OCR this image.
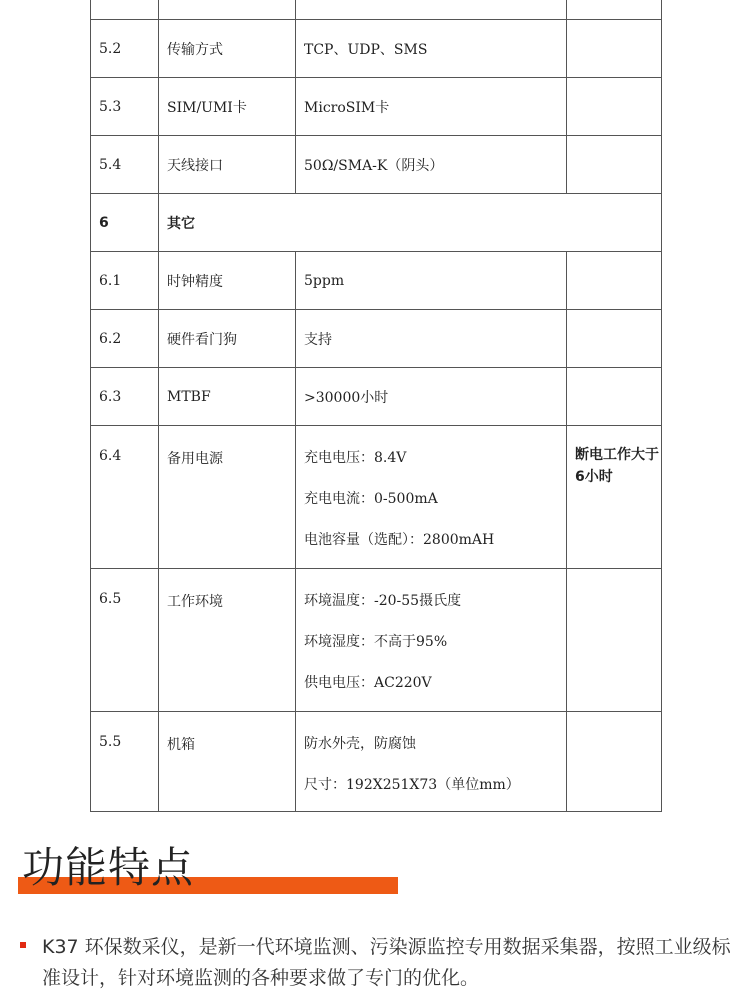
5.2	传输方式	TCP、UDP、SMS	
5.3	SIM/UMI卡	MicroSIM卡	
5.4	天线接口	50Ω/SMA-K（阴头）	
6	其它		
6.1	时钟精度	5ppm	
6.2	硬件看门狗	支持	
6.3	MTBF	>30000小时	
6.4	备用电源	充电电压：8.4V
充电电流：0-500mA
电池容量（选配）：2800mAH	断电工作大于6小时
6.5	工作环境	环境温度：-20-55摄氏度
环境湿度：不高于95%
供电电压：AC220V	

5.5	机箱	防水外壳，防腐蚀
尺寸：192X251X73（单位mm）	

功能特点
K37 环保数采仪，是新一代环境监测、污染源监控专用数据采集器，按照工业级标准设计，针对环境监测的各种要求做了专门的优化。
